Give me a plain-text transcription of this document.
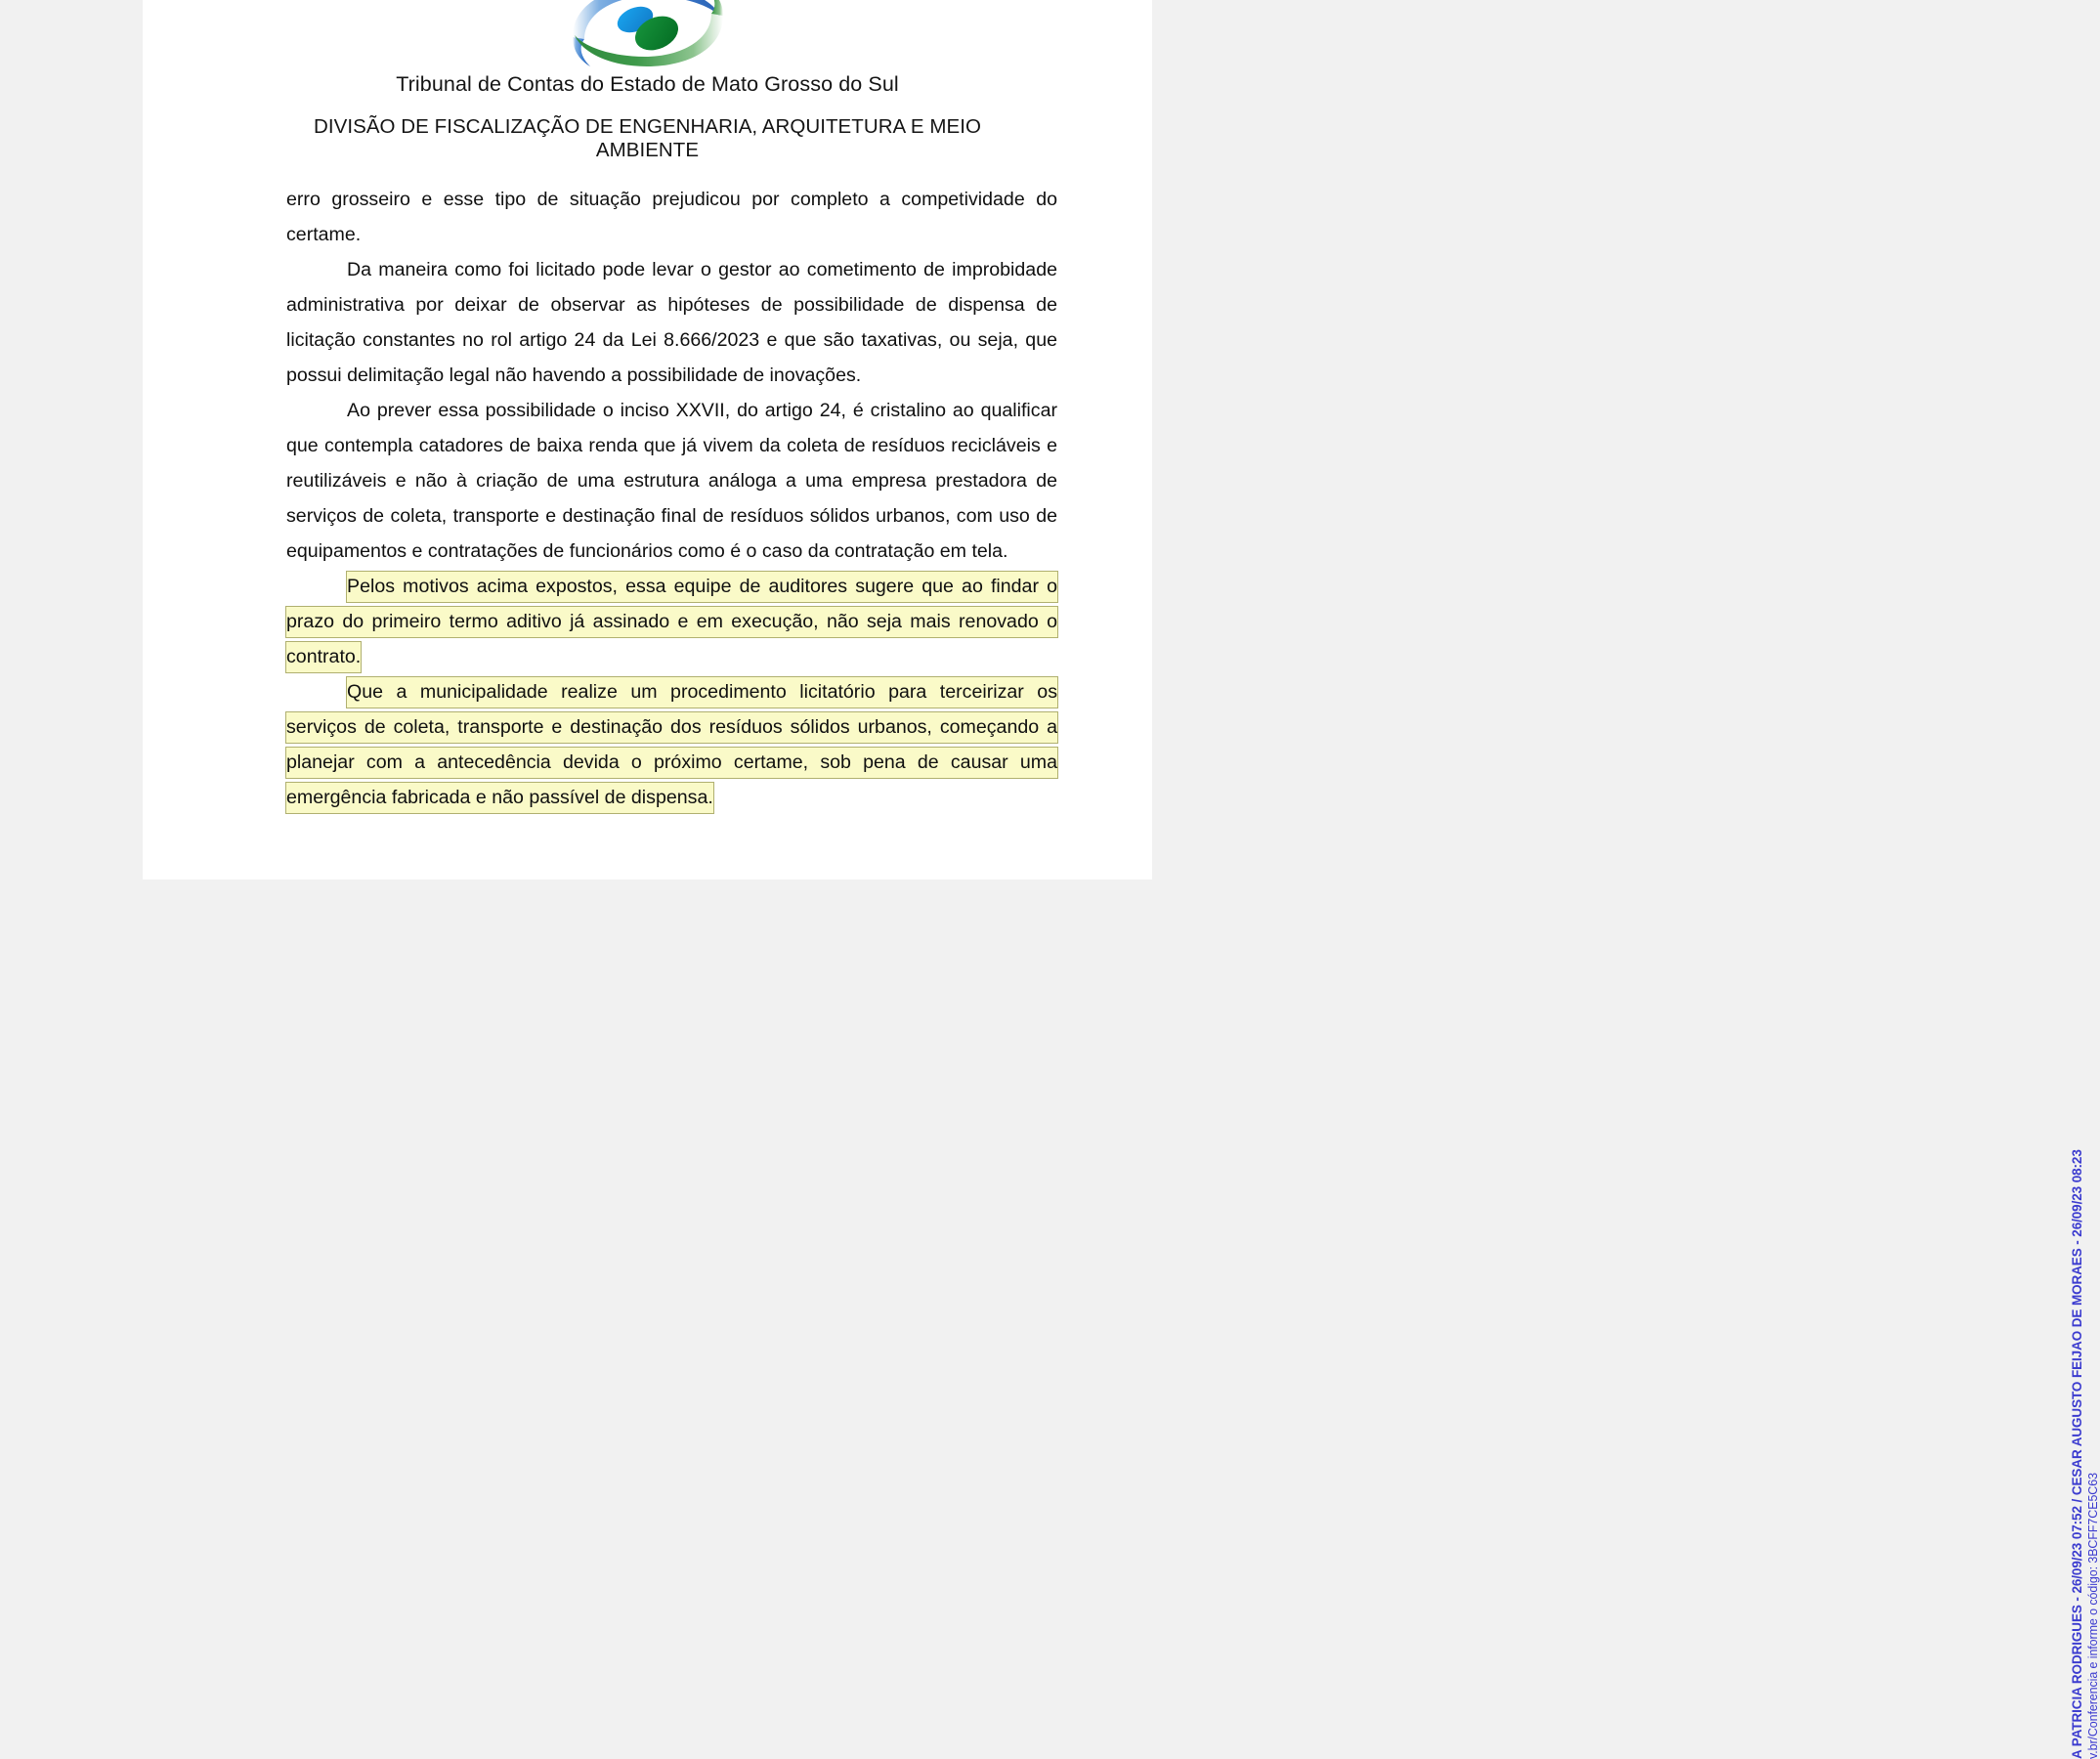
Tribunal de Contas do Estado de Mato Grosso do Sul
DIVISÃO DE FISCALIZAÇÃO DE ENGENHARIA, ARQUITETURA E MEIO AMBIENTE

erro grosseiro e esse tipo de situação prejudicou por completo a competividade do certame.

Da maneira como foi licitado pode levar o gestor ao cometimento de improbidade administrativa por deixar de observar as hipóteses de possibilidade de dispensa de licitação constantes no rol artigo 24 da Lei 8.666/2023 e que são taxativas, ou seja, que possui delimitação legal não havendo a possibilidade de inovações.

Ao prever essa possibilidade o inciso XXVII, do artigo 24, é cristalino ao qualificar que contempla catadores de baixa renda que já vivem da coleta de resíduos recicláveis e reutilizáveis e não à criação de uma estrutura análoga a uma empresa prestadora de serviços de coleta, transporte e destinação final de resíduos sólidos urbanos, com uso de equipamentos e contratações de funcionários como é o caso da contratação em tela.

Pelos motivos acima expostos, essa equipe de auditores sugere que ao findar o prazo do primeiro termo aditivo já assinado e em execução, não seja mais renovado o contrato.

Que a municipalidade realize um procedimento licitatório para terceirizar os serviços de coleta, transporte e destinação dos resíduos sólidos urbanos, começando a planejar com a antecedência devida o próximo certame, sob pena de causar uma emergência fabricada e não passível de dispensa.

A PATRICIA RODRIGUES - 26/09/23 07:52 / CESAR AUGUSTO FEIJAO DE MORAES - 26/09/23 08:23 v.br/Conferencia e informe o código: 3BCFF7CE5C63
